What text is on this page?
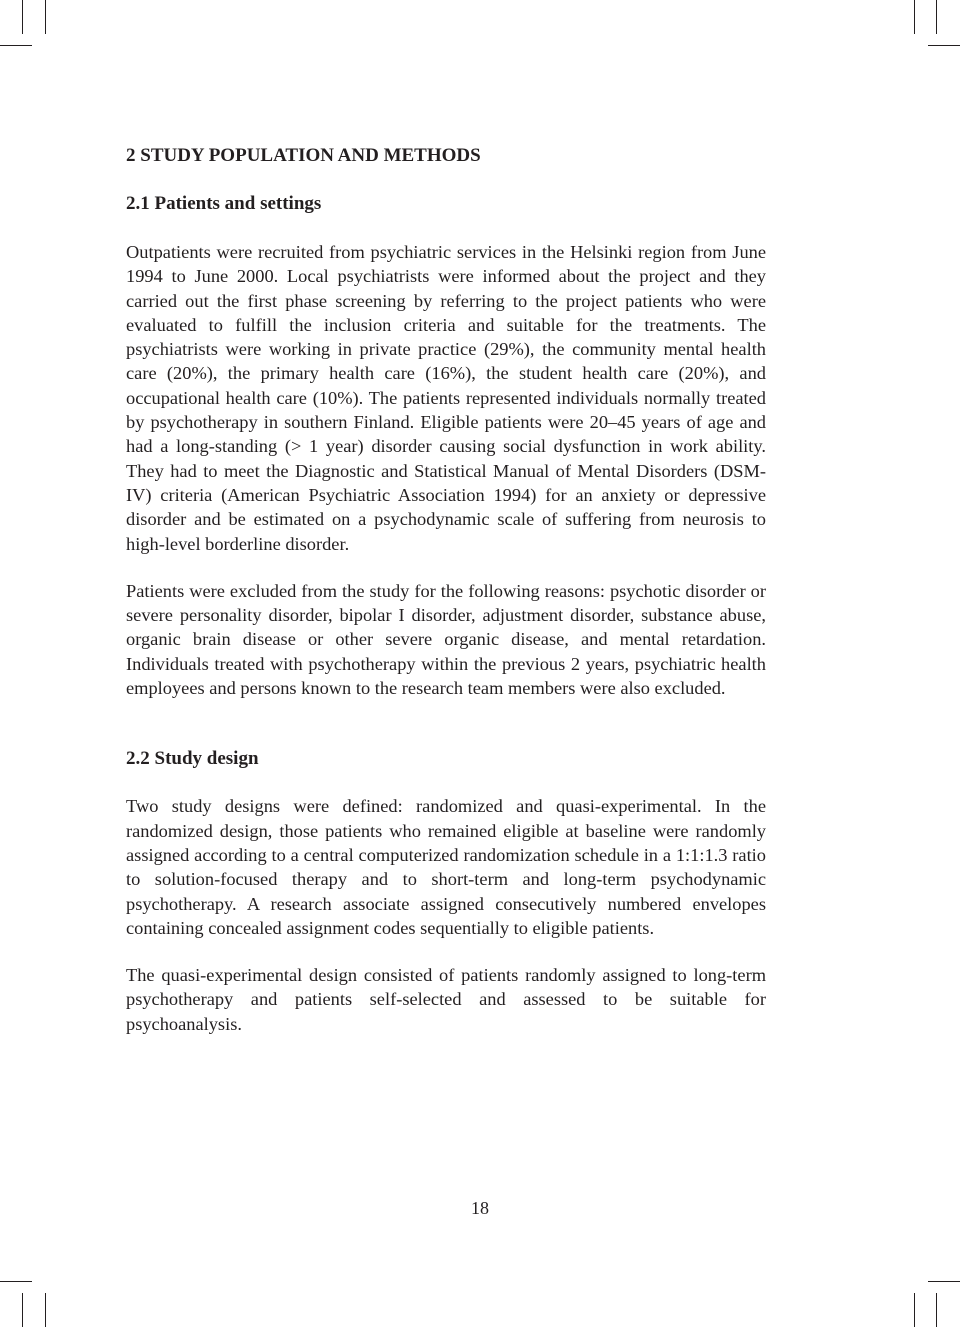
2 STUDY POPULATION AND METHODS
2.1 Patients and settings

Outpatients were recruited from psychiatric services in the Helsinki region from June 1994 to June 2000. Local psychiatrists were informed about the project and they carried out the first phase screening by referring to the project patients who were evaluated to fulfill the inclusion criteria and suitable for the treatments. The psychiatrists were working in private practice (29%), the community mental health care (20%), the primary health care (16%), the student health care (20%), and occupational health care (10%). The patients represented individuals normally treated by psychotherapy in southern Finland. Eligible patients were 20–45 years of age and had a long-standing (> 1 year) disorder causing social dysfunction in work ability. They had to meet the Diagnostic and Statistical Manual of Mental Disorders (DSM-IV) criteria (American Psychiatric Association 1994) for an anxiety or depressive disorder and be estimated on a psychodynamic scale of suffering from neurosis to high-level borderline disorder.

Patients were excluded from the study for the following reasons: psychotic disorder or severe personality disorder, bipolar I disorder, adjustment disorder, substance abuse, organic brain disease or other severe organic disease, and mental retardation. Individuals treated with psychotherapy within the previous 2 years, psychiatric health employees and persons known to the research team members were also excluded.

2.2 Study design

Two study designs were defined: randomized and quasi-experimental. In the randomized design, those patients who remained eligible at baseline were randomly assigned according to a central computerized randomization schedule in a 1:1:1.3 ratio to solution-focused therapy and to short-term and long-term psychodynamic psychotherapy. A research associate assigned consecutively numbered envelopes containing concealed assignment codes sequentially to eligible patients.

The quasi-experimental design consisted of patients randomly assigned to long-term psychotherapy and patients self-selected and assessed to be suitable for psychoanalysis.

18
